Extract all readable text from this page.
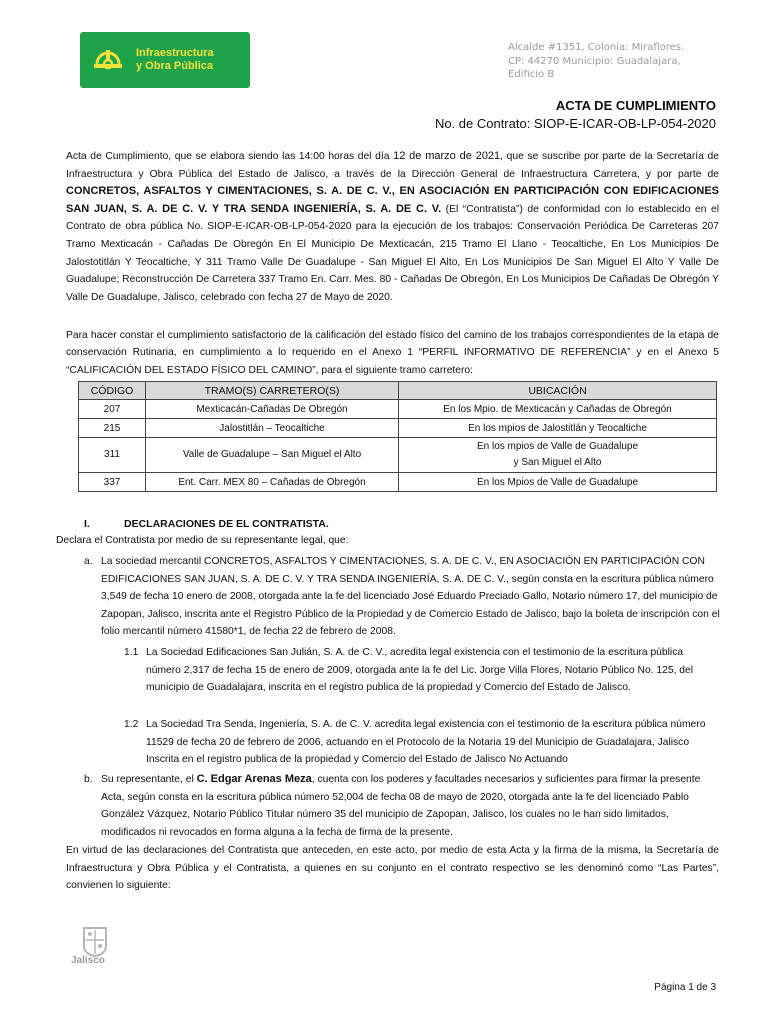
Infraestructura
y Obra Pública
Alcalde #1351, Colonia: Miraflores.
CP: 44270 Municipio: Guadalajara,
Edificio B
ACTA DE CUMPLIMIENTO
No. de Contrato: SIOP-E-ICAR-OB-LP-054-2020
Acta de Cumplimiento, que se elabora siendo las 14:00 horas del día 12 de marzo de 2021, que se suscribe por parte de la Secretaría de Infraestructura y Obra Pública del Estado de Jalisco, a través de la Dirección General de Infraestructura Carretera, y por parte de CONCRETOS, ASFALTOS Y CIMENTACIONES, S. A. DE C. V., EN ASOCIACIÓN EN PARTICIPACIÓN CON EDIFICACIONES SAN JUAN, S. A. DE C. V. Y TRA SENDA INGENIERÍA, S. A. DE C. V. (El “Contratista”) de conformidad con lo establecido en el Contrato de obra pública No. SIOP-E-ICAR-OB-LP-054-2020 para la ejecución de los trabajos: Conservación Periódica De Carreteras 207 Tramo Mexticacán - Cañadas De Obregón En El Municipio De Mexticacán, 215 Tramo El Llano - Teocaltiche, En Los Municipios De Jalostotitlán Y Teocaltiche, Y 311 Tramo Valle De Guadalupe - San Miguel El Alto, En Los Municipios De San Miguel El Alto Y Valle De Guadalupe; Reconstrucción De Carretera 337 Tramo En. Carr. Mes. 80 - Cañadas De Obregón, En Los Municipios De Cañadas De Obregón Y Valle De Guadalupe, Jalisco, celebrado con fecha 27 de Mayo de 2020.
Para hacer constar el cumplimiento satisfactorio de la calificación del estado físico del camino de los trabajos correspondientes de la etapa de conservación Rutinaria, en cumplimiento a lo requerido en el Anexo 1 “PERFIL INFORMATIVO DE REFERENCIA” y en el Anexo 5 “CALIFICACIÓN DEL ESTADO FÍSICO DEL CAMINO”, para el siguiente tramo carretero:
CÓDIGO	TRAMO(S) CARRETERO(S)	UBICACIÓN
207	Mexticacán-Cañadas De Obregón	En los Mpio. de Mexticacán y Cañadas de Obregón
215	Jalostitlán – Teocaltiche	En los mpios de Jalostitlán y Teocaltiche
311	Valle de Guadalupe – San Miguel el Alto	En los mpios de Valle de Guadalupe
y San Miguel el Alto

337	Ent. Carr. MEX 80 – Cañadas de Obregón	En los Mpios de Valle de Guadalupe
I.	DECLARACIONES DE EL CONTRATISTA.
Declara el Contratista por medio de su representante legal, que:
a. La sociedad mercantil CONCRETOS, ASFALTOS Y CIMENTACIONES, S. A. DE C. V., EN ASOCIACIÓN EN PARTICIPACIÓN CON EDIFICACIONES SAN JUAN, S. A. DE C. V. Y TRA SENDA INGENIERÍA, S. A. DE C. V., según consta en la escritura pública número 3,549 de fecha 10 enero de 2008, otorgada ante la fe del licenciado José Eduardo Preciado Gallo, Notario número 17, del municipio de Zapopan, Jalisco, inscrita ante el Registro Público de la Propiedad y de Comercio Estado de Jalisco, bajo la boleta de inscripción con el folio mercantil número 41580*1, de fecha 22 de febrero de 2008.
1.1 La Sociedad Edificaciones San Julián, S. A. de C. V., acredita legal existencia con el testimonio de la escritura pública número 2,317 de fecha 15 de enero de 2009, otorgada ante la fe del Lic. Jorge Villa Flores, Notario Público No. 125, del municipio de Guadalajara, inscrita en el registro publica de la propiedad y Comercio del Estado de Jalisco.
1.2 La Sociedad Tra Senda, Ingeniería, S. A. de C. V. acredita legal existencia con el testimonio de la escritura pública número 11529 de fecha 20 de febrero de 2006, actuando en el Protocolo de la Notaria 19 del Municipio de Guadalajara, Jalisco Inscrita en el registro publica de la propiedad y Comercio del Estado de Jalisco No Actuando
b. Su representante, el C. Edgar Arenas Meza, cuenta con los poderes y facultades necesarios y suficientes para firmar la presente Acta, según consta en la escritura pública número 52,004 de fecha 08 de mayo de 2020, otorgada ante la fe del licenciado Pablo González Vázquez, Notario Público Titular número 35 del municipio de Zapopan, Jalisco, los cuales no le han sido limitados, modificados ni revocados en forma alguna a la fecha de firma de la presente.
En virtud de las declaraciones del Contratista que anteceden, en este acto, por medio de esta Acta y la firma de la misma, la Secretaría de Infraestructura y Obra Pública y el Contratista, a quienes en su conjunto en el contrato respectivo se les denominó como “Las Partes”, convienen lo siguiente:
Jalisco
Página 1 de 3
